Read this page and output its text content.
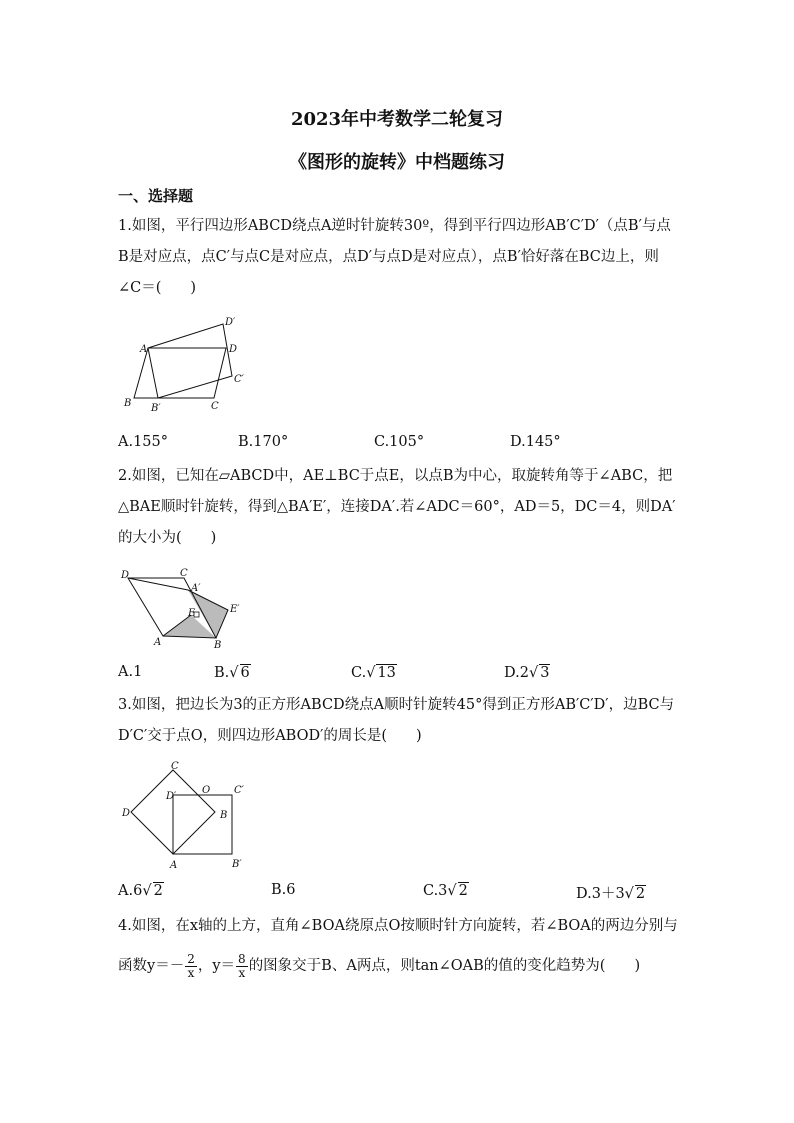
2023年中考数学二轮复习
《图形的旋转》中档题练习
一、选择题
1.如图，平行四边形ABCD绕点A逆时针旋转30º，得到平行四边形AB′C′D′（点B′与点B是对应点，点C′与点C是对应点，点D′与点D是对应点），点B′恰好落在BC边上，则∠C＝(　　)
A
B B′	C
C′
D
D′
A.155°	B.170°	C.105°	D.145°
2.如图，已知在▱ABCD中，AE⊥BC于点E，以点B为中心，取旋转角等于∠ABC，把△BAE顺时针旋转，得到△BA′E′，连接DA′.若∠ADC＝60°，AD＝5，DC＝4，则DA′的大小为(　　)
D	C
A′
E	E′
A	B
A.1	B.√ 6	C.√ 13	D.2√ 3
3.如图，把边长为3的正方形ABCD绕点A顺时针旋转45°得到正方形AB′C′D′，边BC与D′C′交于点O，则四边形ABOD′的周长是(　　)
C
D′
O C′
D	B
A	B′
A.6√ 2	B.6	C.3√ 2	D.3＋3√ 2
4.如图，在x轴的上方，直角∠BOA绕原点O按顺时针方向旋转，若∠BOA的两边分别与函数$y=- \frac{2}{x}$ ，$y= \frac{8}{x}$ 的图象交于B、A两点，则tan∠OAB的值的变化趋势为(　　)
